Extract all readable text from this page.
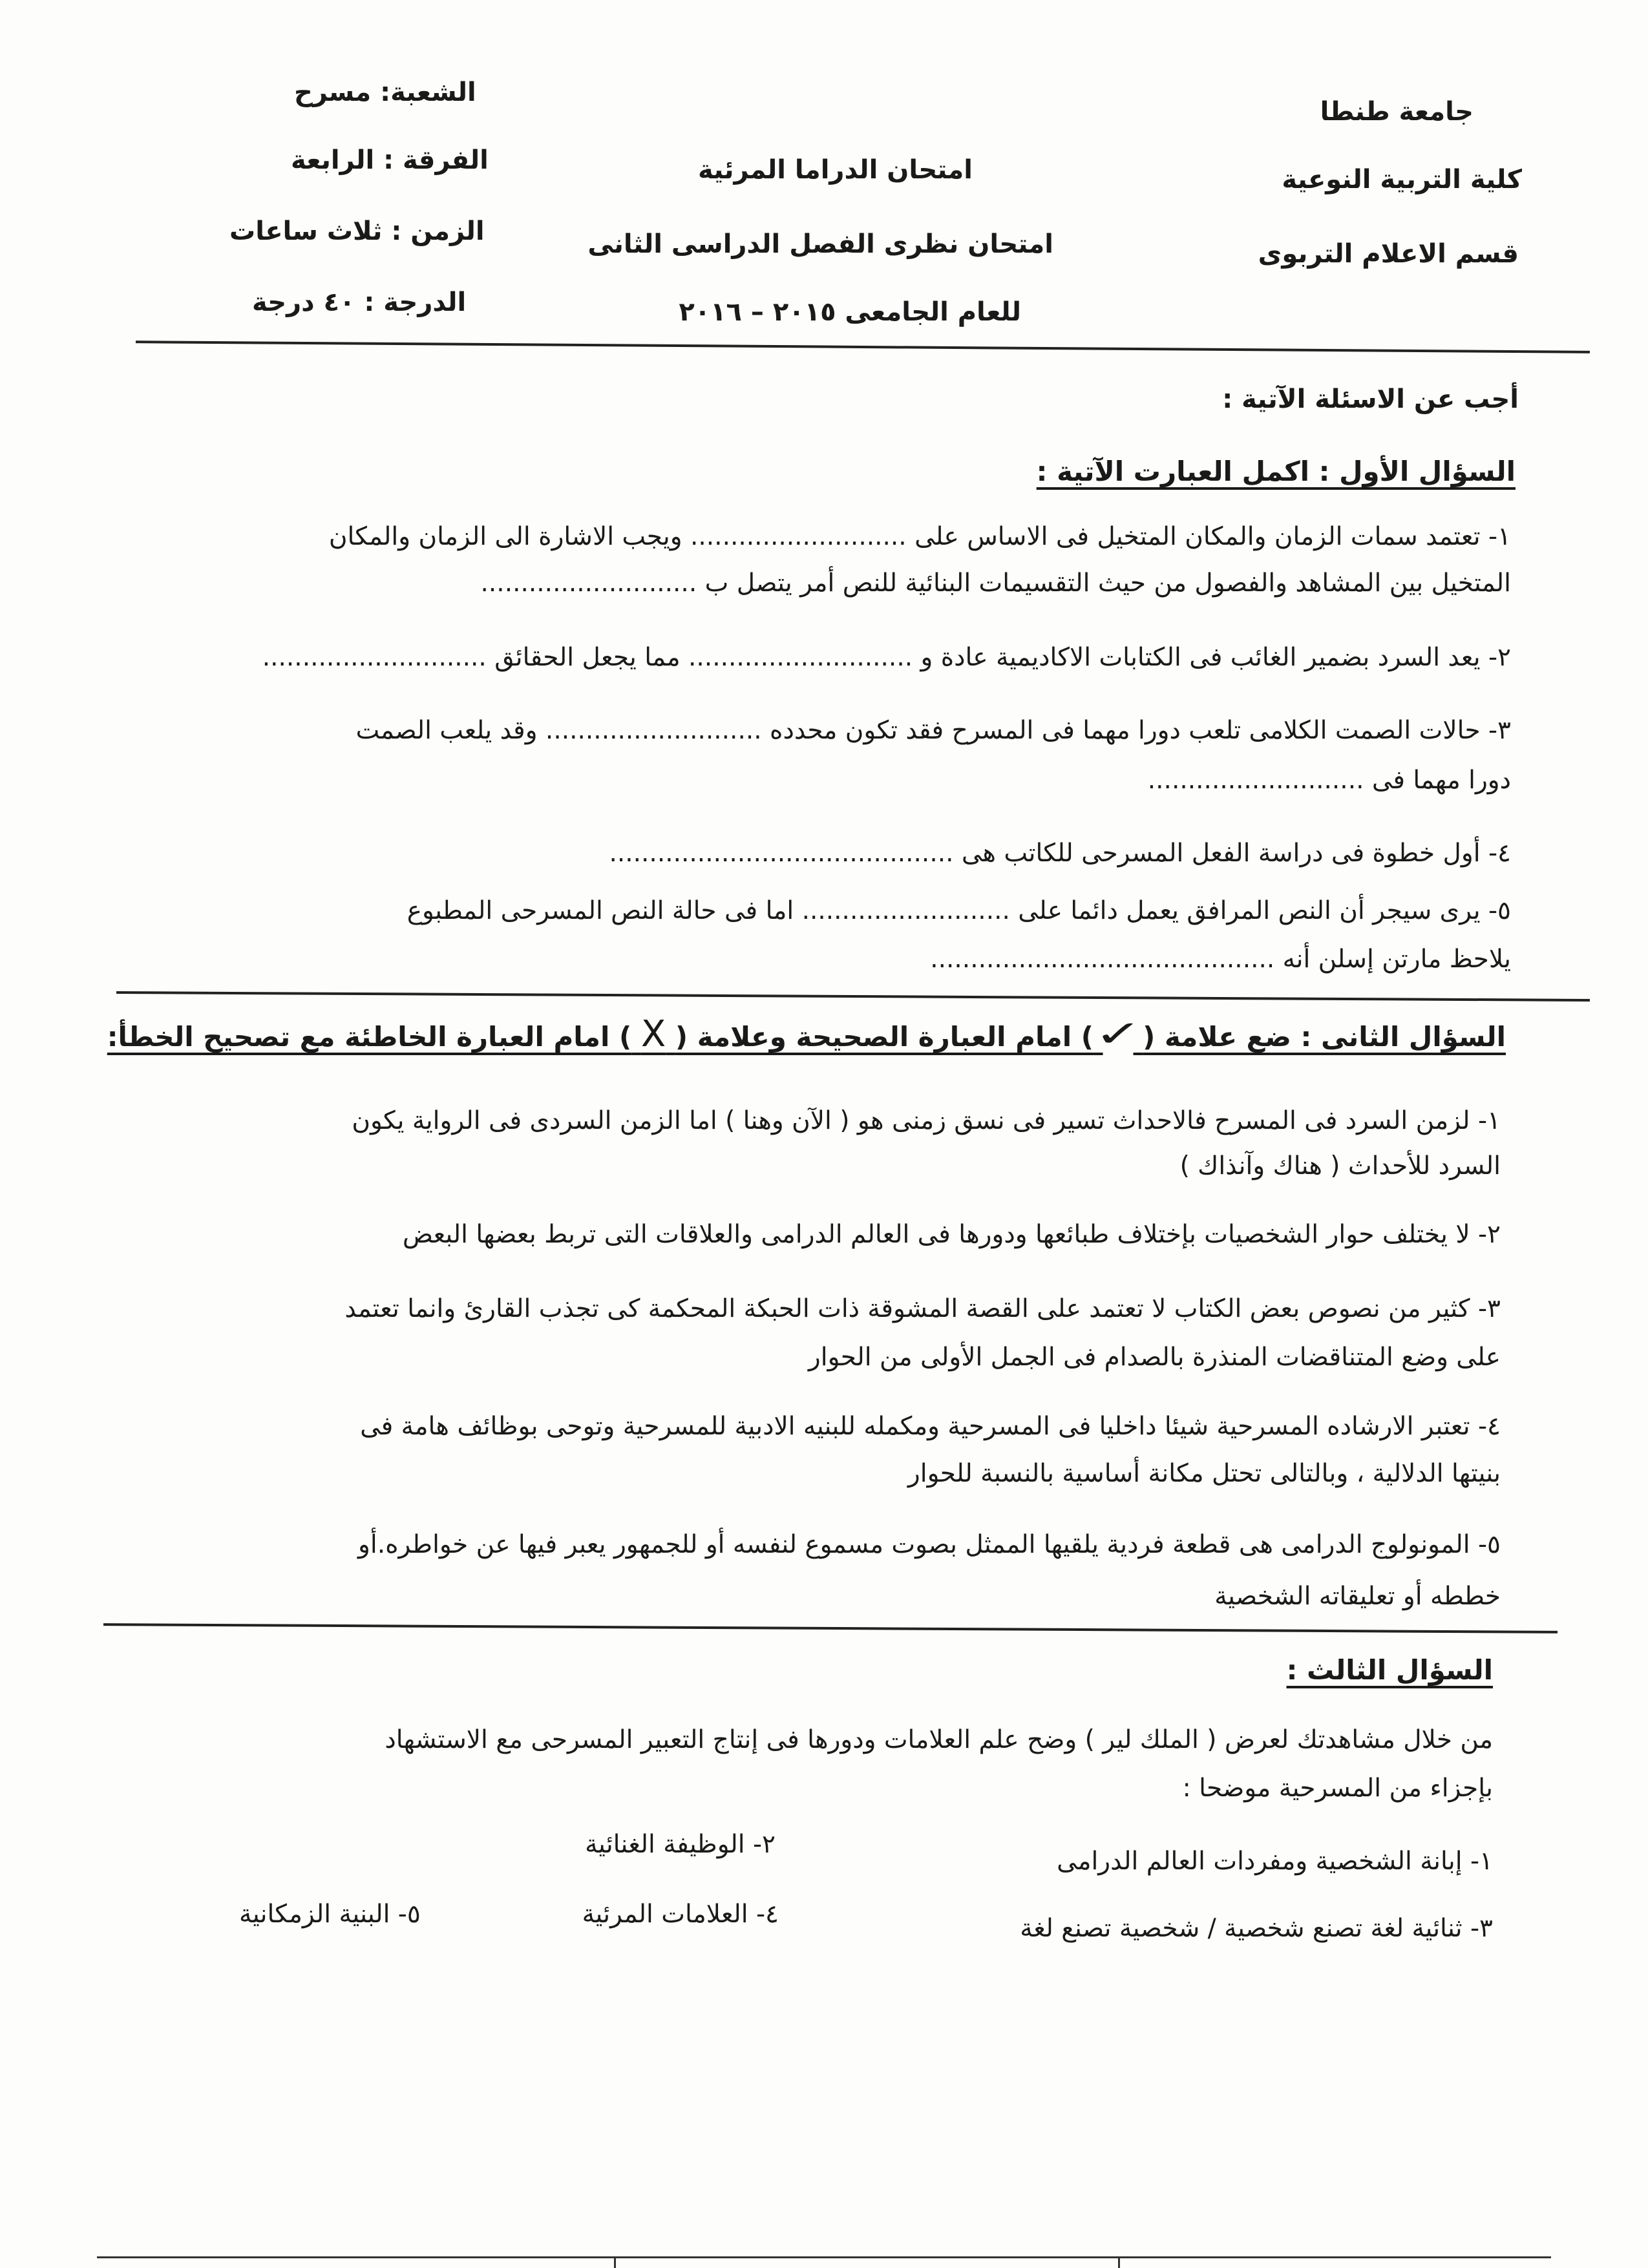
جامعة طنطا
كلية التربية النوعية
قسم الاعلام التربوى
امتحان الدراما المرئية
امتحان نظرى الفصل الدراسى الثانى
للعام الجامعى ٢٠١٥ – ٢٠١٦
الشعبة: مسرح
الفرقة : الرابعة
الزمن : ثلاث ساعات
الدرجة : ٤٠ درجة
أجب عن الاسئلة الآتية :
السؤال الأول : اكمل العبارت الآتية :
١- تعتمد سمات الزمان والمكان المتخيل فى الاساس على ........................... ويجب الاشارة الى الزمان والمكان
المتخيل بين المشاهد والفصول من حيث التقسيمات البنائية للنص أمر يتصل ب ...........................
٢- يعد السرد بضمير الغائب فى الكتابات الاكاديمية عادة و ............................ مما يجعل الحقائق ............................
٣- حالات الصمت الكلامى تلعب دورا مهما فى المسرح فقد تكون محدده ........................... وقد يلعب الصمت
دورا مهما فى ...........................
٤- أول خطوة فى دراسة الفعل المسرحى للكاتب هى ...........................................
٥- يرى سيجر أن النص المرافق يعمل دائما على .......................... اما فى حالة النص المسرحى المطبوع
يلاحظ مارتن إسلن أنه ...........................................
السؤال الثانى : ضع علامة ( ✓ ) امام العبارة الصحيحة وعلامة ( X ) امام العبارة الخاطئة مع تصحيح الخطأ:
١- لزمن السرد فى المسرح فالاحداث تسير فى نسق زمنى هو ( الآن وهنا ) اما الزمن السردى فى الرواية يكون
السرد للأحداث ( هناك وآنذاك )
٢- لا يختلف حوار الشخصيات بإختلاف طبائعها ودورها فى العالم الدرامى والعلاقات التى تربط بعضها البعض
٣- كثير من نصوص بعض الكتاب لا تعتمد على القصة المشوقة ذات الحبكة المحكمة كى تجذب القارئ وانما تعتمد
على وضع المتناقضات المنذرة بالصدام فى الجمل الأولى من الحوار
٤- تعتبر الارشاده المسرحية شيئا داخليا فى المسرحية ومكمله للبنيه الادبية للمسرحية وتوحى بوظائف هامة فى
بنيتها الدلالية ، وبالتالى تحتل مكانة أساسية بالنسبة للحوار
٥- المونولوج الدرامى هى قطعة فردية يلقيها الممثل بصوت مسموع لنفسه أو للجمهور يعبر فيها عن خواطره.أو
خططه أو تعليقاته الشخصية
السؤال الثالث :
من خلال مشاهدتك لعرض ( الملك لير ) وضح علم العلامات ودورها فى إنتاج التعبير المسرحى مع الاستشهاد
بإجزاء من المسرحية موضحا :
١- إبانة الشخصية ومفردات العالم الدرامى
٢- الوظيفة الغنائية
٣- ثنائية لغة تصنع شخصية / شخصية تصنع لغة
٤- العلامات المرئية
٥- البنية الزمكانية
